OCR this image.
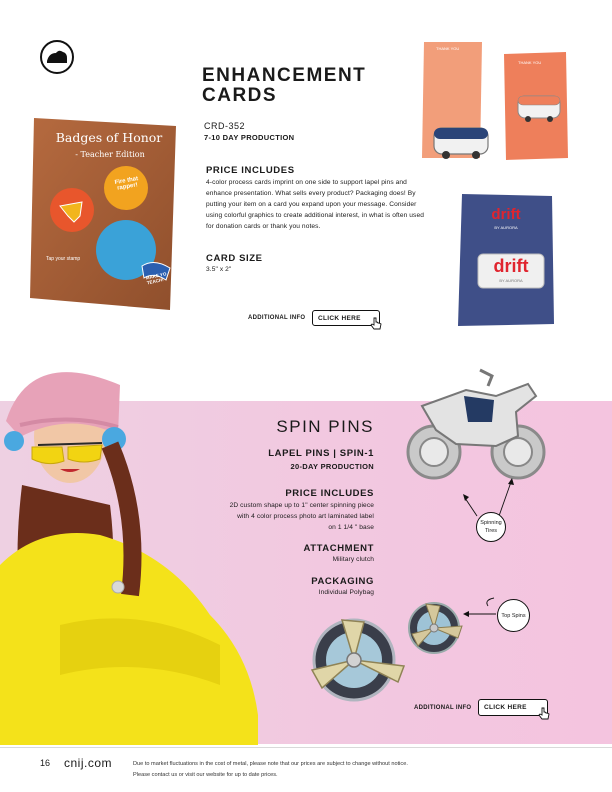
ENHANCEMENT
CARDS
CRD-352
7-10 DAY PRODUCTION
PRICE INCLUDES
4-color process cards imprint on one side to support lapel pins and enhance presentation. What sells every product? Packaging does! By putting your item on a card you expand upon your message. Consider using colorful graphics to create additional interest, in what is often used for donation cards or thank you notes.
CARD SIZE
3.5" x 2"
ADDITIONAL INFO CLICK HERE
Badges of Honor
- Teacher Edition
Fire that rapper!
Tap your stamp
MAKE YO TEACH!
THANK YOU
THANK YOU
drift
BY AURORA
drift
BY AURORA
SPIN PINS
LAPEL PINS | SPIN-1
20-DAY PRODUCTION
PRICE INCLUDES
2D custom shape up to 1" center spinning piece
with 4 color process photo art laminated label
on 1 1/4 " base
ATTACHMENT
Military clutch
PACKAGING
Individual Polybag
Spinning Tires
Top Spins
ADDITIONAL INFO CLICK HERE
16 cnij.com	Due to market fluctuations in the cost of metal, please note that our prices are subject to change without notice.
Please contact us or visit our website for up to date prices.
